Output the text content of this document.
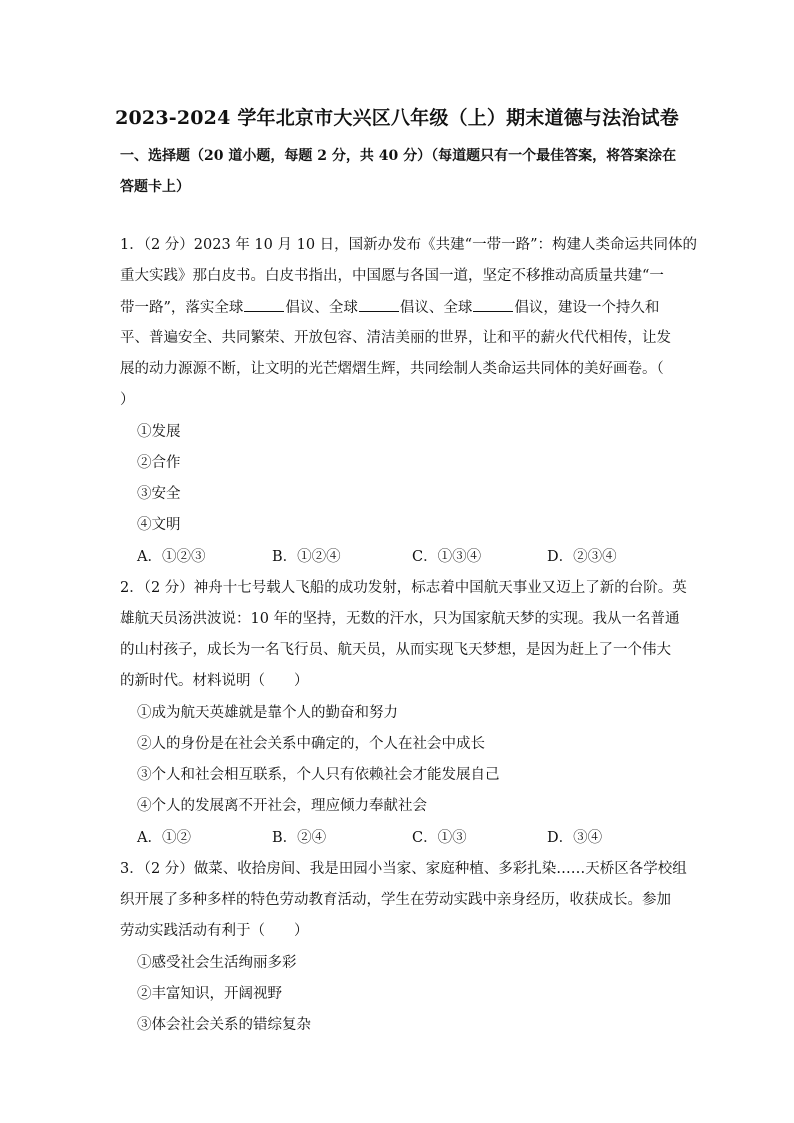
2023-2024 学年北京市大兴区八年级（上）期末道德与法治试卷
一、选择题（20 道小题，每题 2 分，共 40 分）（每道题只有一个最佳答案，将答案涂在答题卡上）
1．（2 分）2023 年 10 月 10 日，国新办发布《共建“一带一路”：构建人类命运共同体的
重大实践》那白皮书。白皮书指出，中国愿与各国一道，坚定不移推动高质量共建“一
带一路”，落实全球	倡议、全球	倡议、全球	倡议，建设一个持久和
平、普遍安全、共同繁荣、开放包容、清洁美丽的世界，让和平的薪火代代相传，让发
展的动力源源不断，让文明的光芒熠熠生辉，共同绘制人类命运共同体的美好画卷。（
）
①发展
②合作
③安全
④文明
A．①②③	B．①②④	C．①③④	D．②③④
2．（2 分）神舟十七号载人飞船的成功发射，标志着中国航天事业又迈上了新的台阶。英
雄航天员汤洪波说：10 年的坚持，无数的汗水，只为国家航天梦的实现。我从一名普通
的山村孩子，成长为一名飞行员、航天员，从而实现飞天梦想，是因为赶上了一个伟大
的新时代。材料说明（　　）
①成为航天英雄就是靠个人的勤奋和努力
②人的身份是在社会关系中确定的，个人在社会中成长
③个人和社会相互联系，个人只有依赖社会才能发展自己
④个人的发展离不开社会，理应倾力奉献社会
A．①②	B．②④	C．①③	D．③④
3．（2 分）做菜、收拾房间、我是田园小当家、家庭种植、多彩扎染……天桥区各学校组
织开展了多种多样的特色劳动教育活动，学生在劳动实践中亲身经历，收获成长。参加
劳动实践活动有利于（　　）
①感受社会生活绚丽多彩
②丰富知识，开阔视野
③体会社会关系的错综复杂
